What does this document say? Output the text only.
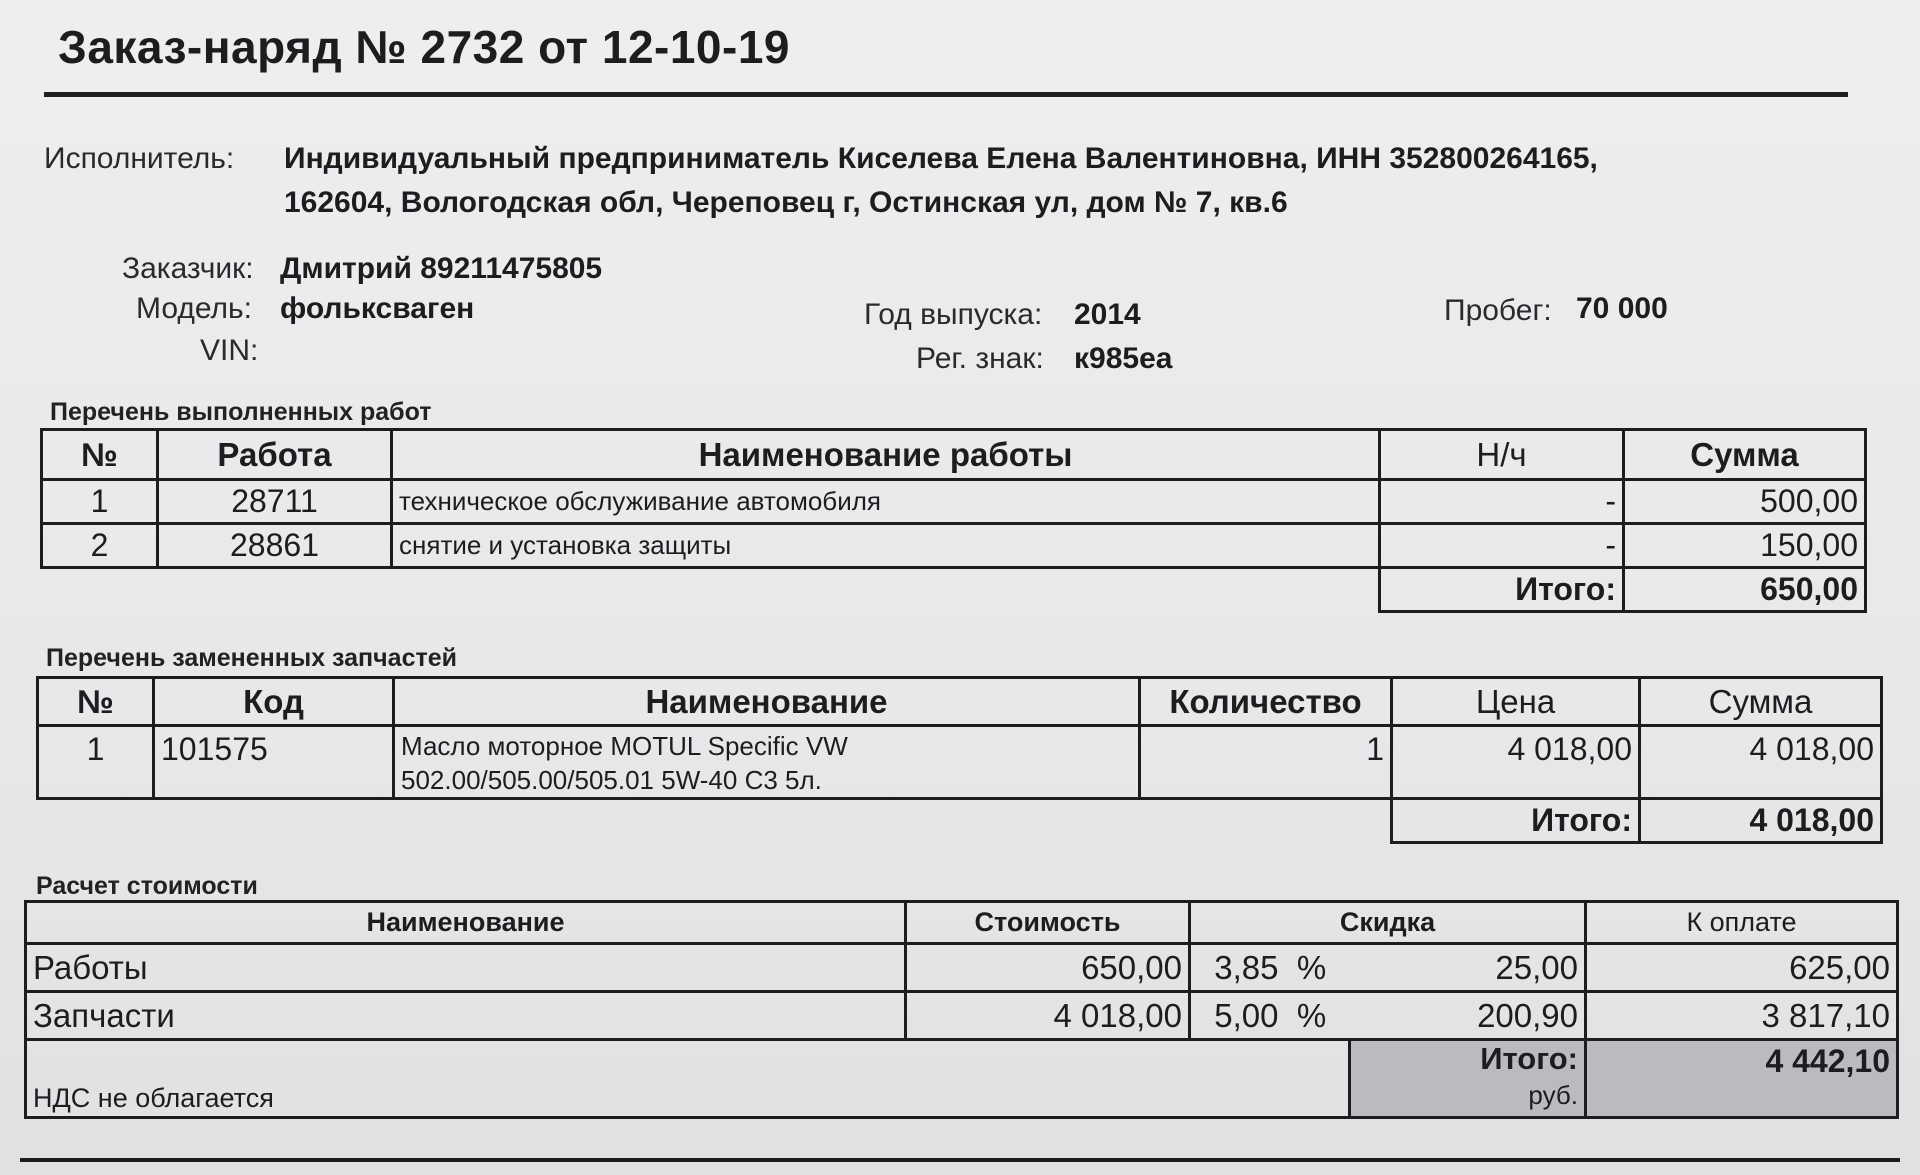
Заказ-наряд № 2732 от 12-10-19
Исполнитель: Индивидуальный предприниматель Киселева Елена Валентиновна, ИНН 352800264165,
162604, Вологодская обл, Череповец г, Остинская ул, дом № 7, кв.6
Заказчик: Дмитрий 89211475805
Модель: фольксваген
VIN:
Год выпуска: 2014
Рег. знак: к985еа
Пробег: 70 000
Перечень выполненных работ
№	Работа	Наименование работы	Н/ч	Сумма
1	28711	техническое обслуживание автомобиля	-	500,00
2	28861	снятие и установка защиты	-	150,00
			Итого:	650,00
Перечень замененных запчастей
№	Код	Наименование	Количество	Цена	Сумма
1	101575	Масло моторное MOTUL Specific VW
502.00/505.00/505.01 5W-40 C3 5л.	1	4 018,00	4 018,00
				Итого:	4 018,00
Расчет стоимости
Наименование	Стоимость	Скидка		К оплате
Работы	650,00	3,85  %	25,00	625,00
Запчасти	4 018,00	5,00  %	200,90	3 817,10
НДС не облагается			Итого:
руб.	4 442,10
